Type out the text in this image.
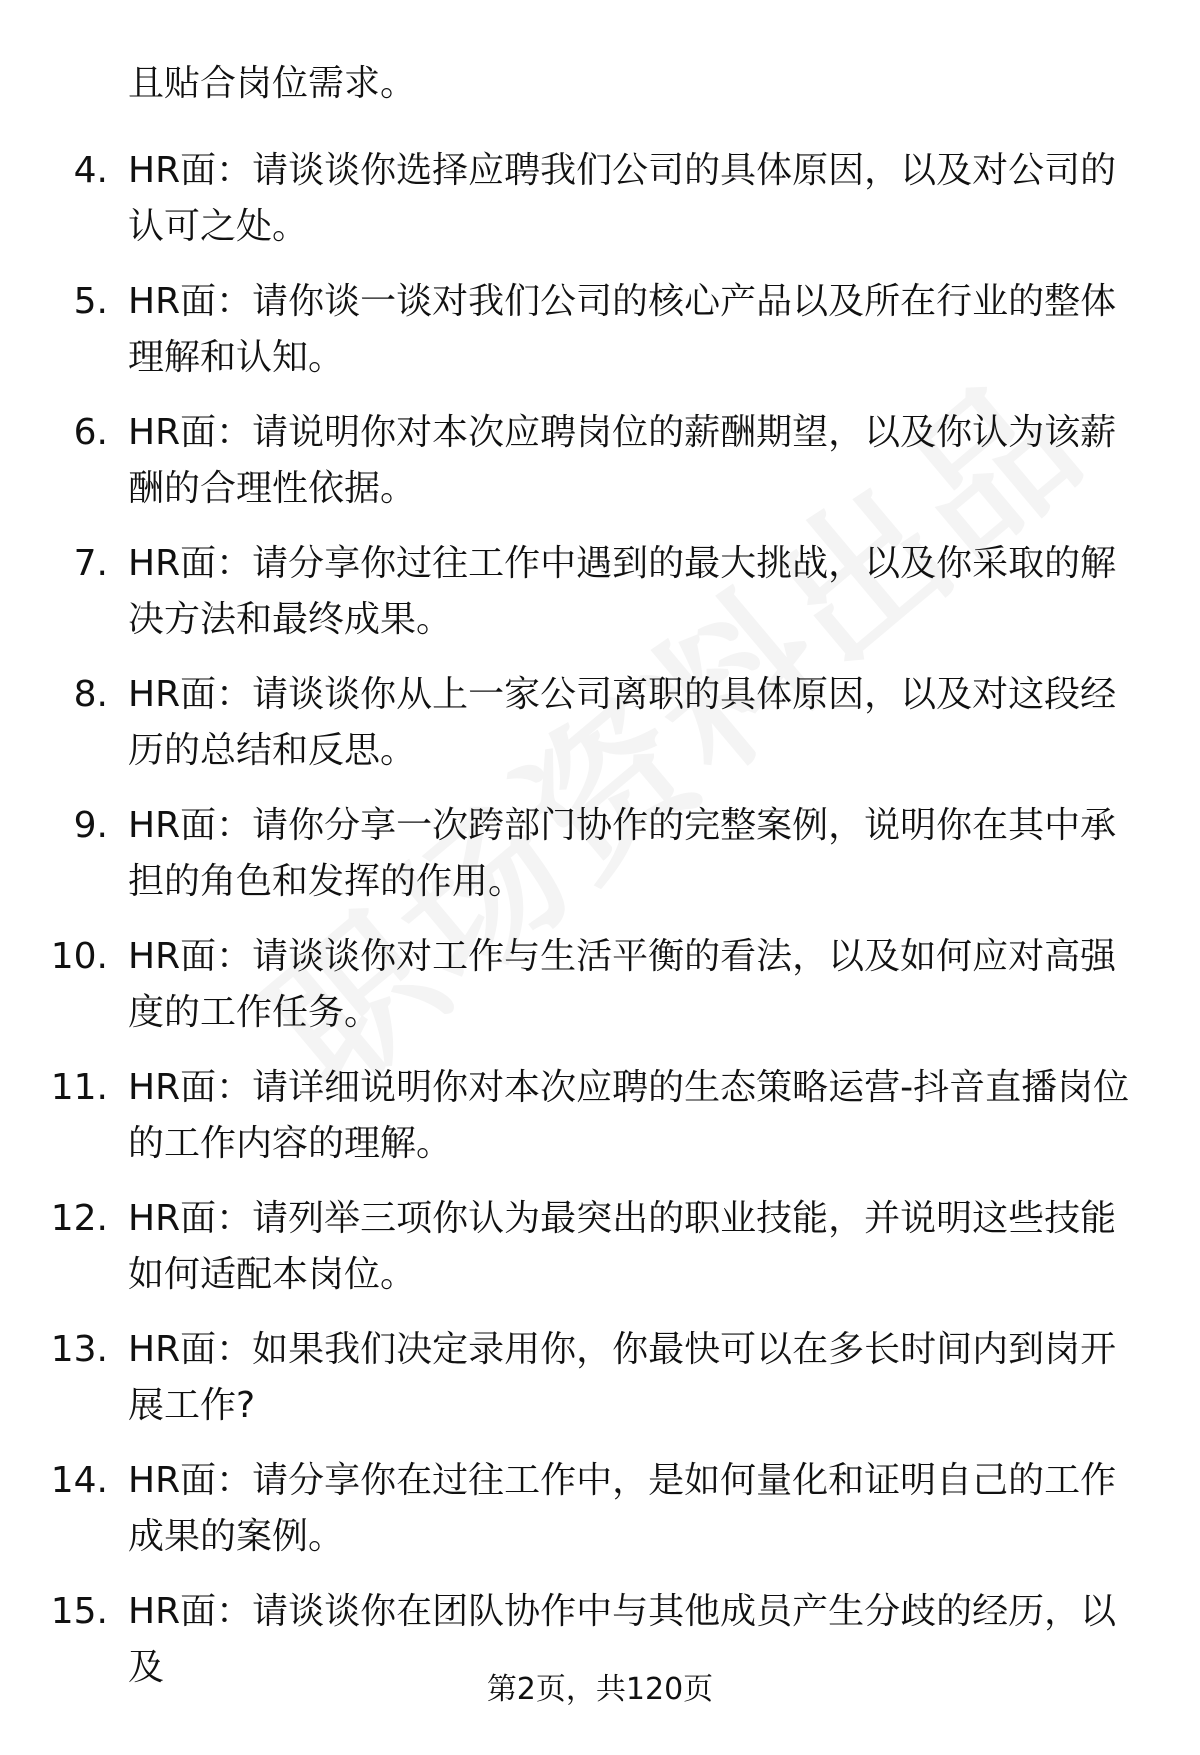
且贴合岗位需求。
4. HR面：请谈谈你选择应聘我们公司的具体原因，以及对公司的认可之处。
5. HR面：请你谈一谈对我们公司的核心产品以及所在行业的整体理解和认知。
6. HR面：请说明你对本次应聘岗位的薪酬期望，以及你认为该薪酬的合理性依据。
7. HR面：请分享你过往工作中遇到的最大挑战，以及你采取的解决方法和最终成果。
8. HR面：请谈谈你从上一家公司离职的具体原因，以及对这段经历的总结和反思。
9. HR面：请你分享一次跨部门协作的完整案例，说明你在其中承担的角色和发挥的作用。
10. HR面：请谈谈你对工作与生活平衡的看法，以及如何应对高强度的工作任务。
11. HR面：请详细说明你对本次应聘的生态策略运营-抖音直播岗位的工作内容的理解。
12. HR面：请列举三项你认为最突出的职业技能，并说明这些技能如何适配本岗位。
13. HR面：如果我们决定录用你，你最快可以在多长时间内到岗开展工作?
14. HR面：请分享你在过往工作中，是如何量化和证明自己的工作成果的案例。
15. HR面：请谈谈你在团队协作中与其他成员产生分歧的经历，以及
第2页，共120页
